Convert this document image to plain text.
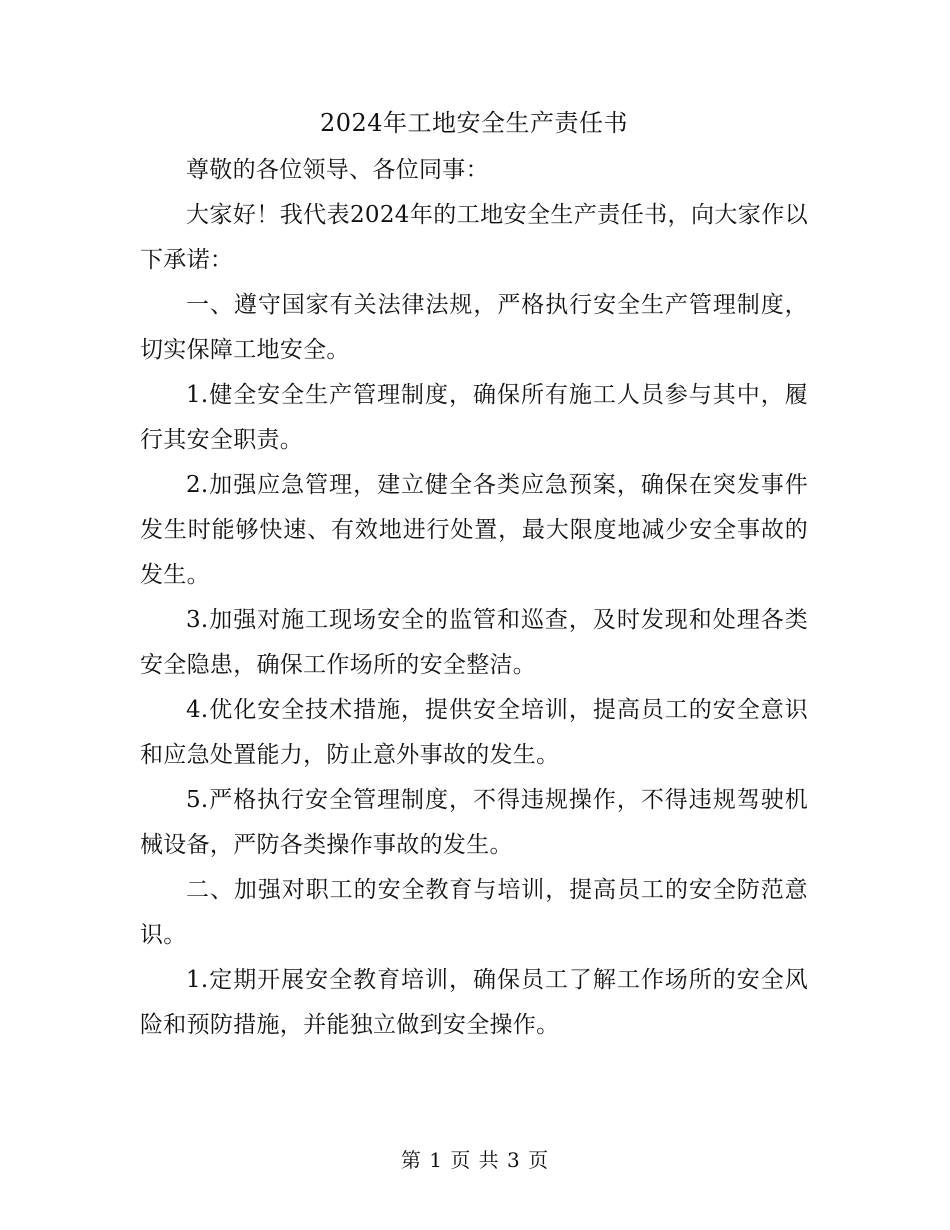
2024年工地安全生产责任书

尊敬的各位领导、各位同事：

大家好！我代表2024年的工地安全生产责任书，向大家作以下承诺：

一、遵守国家有关法律法规，严格执行安全生产管理制度，切实保障工地安全。

1.健全安全生产管理制度，确保所有施工人员参与其中，履行其安全职责。

2.加强应急管理，建立健全各类应急预案，确保在突发事件发生时能够快速、有效地进行处置，最大限度地减少安全事故的发生。

3.加强对施工现场安全的监管和巡查，及时发现和处理各类安全隐患，确保工作场所的安全整洁。

4.优化安全技术措施，提供安全培训，提高员工的安全意识和应急处置能力，防止意外事故的发生。

5.严格执行安全管理制度，不得违规操作，不得违规驾驶机械设备，严防各类操作事故的发生。

二、加强对职工的安全教育与培训，提高员工的安全防范意识。

1.定期开展安全教育培训，确保员工了解工作场所的安全风险和预防措施，并能独立做到安全操作。

第 1 页 共 3 页
